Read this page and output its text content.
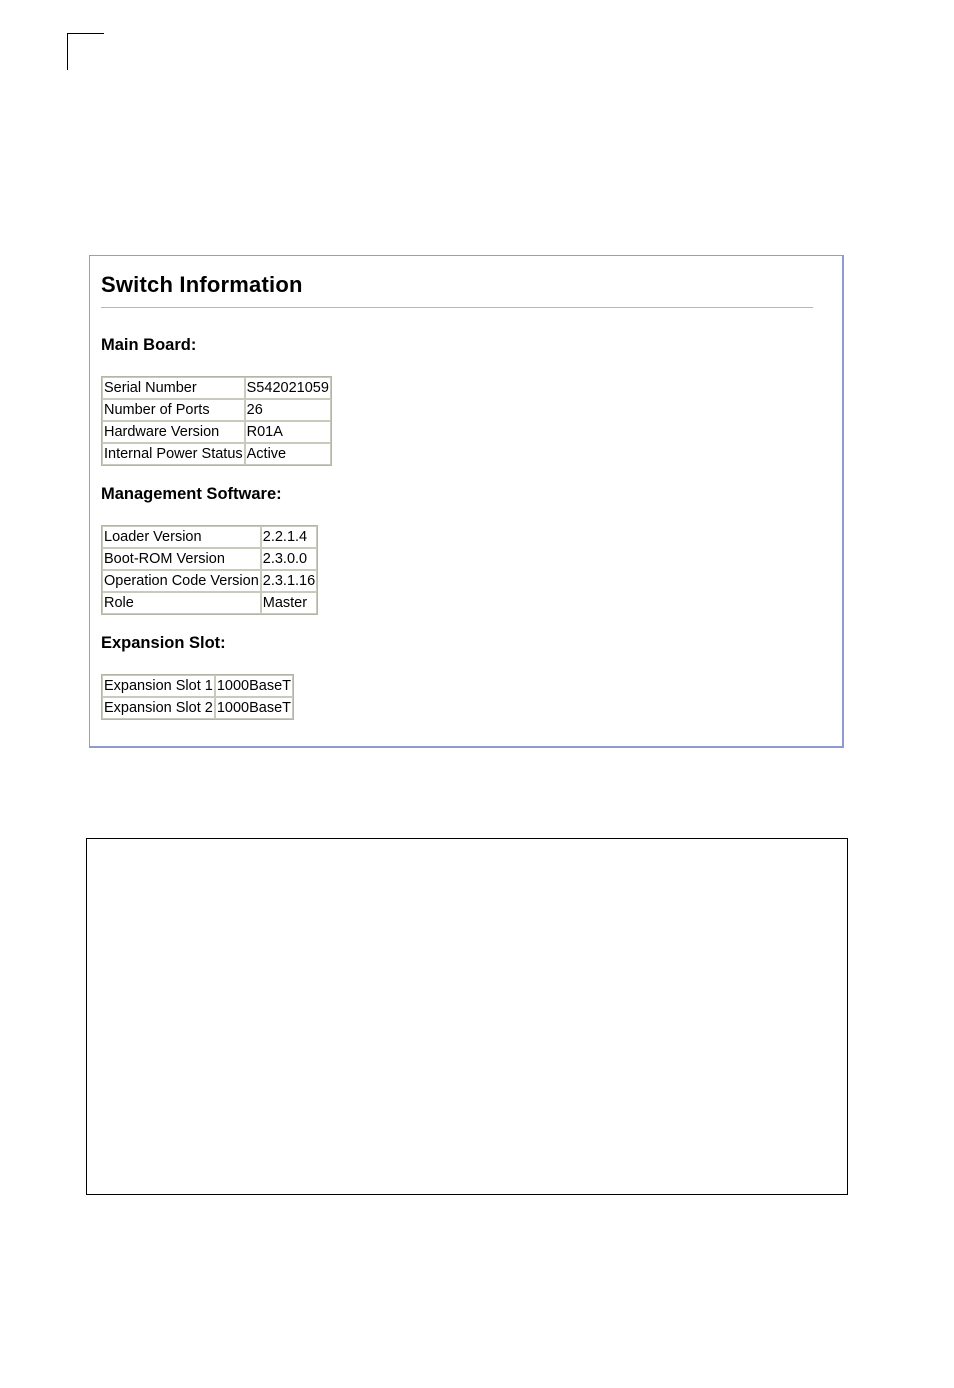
Switch Information
Main Board:
Serial Number	S542021059
Number of Ports	26
Hardware Version	R01A
Internal Power Status	Active
Management Software:
Loader Version	2.2.1.4
Boot-ROM Version	2.3.0.0
Operation Code Version	2.3.1.16
Role	Master
Expansion Slot:
Expansion Slot 1	1000BaseT
Expansion Slot 2	1000BaseT
